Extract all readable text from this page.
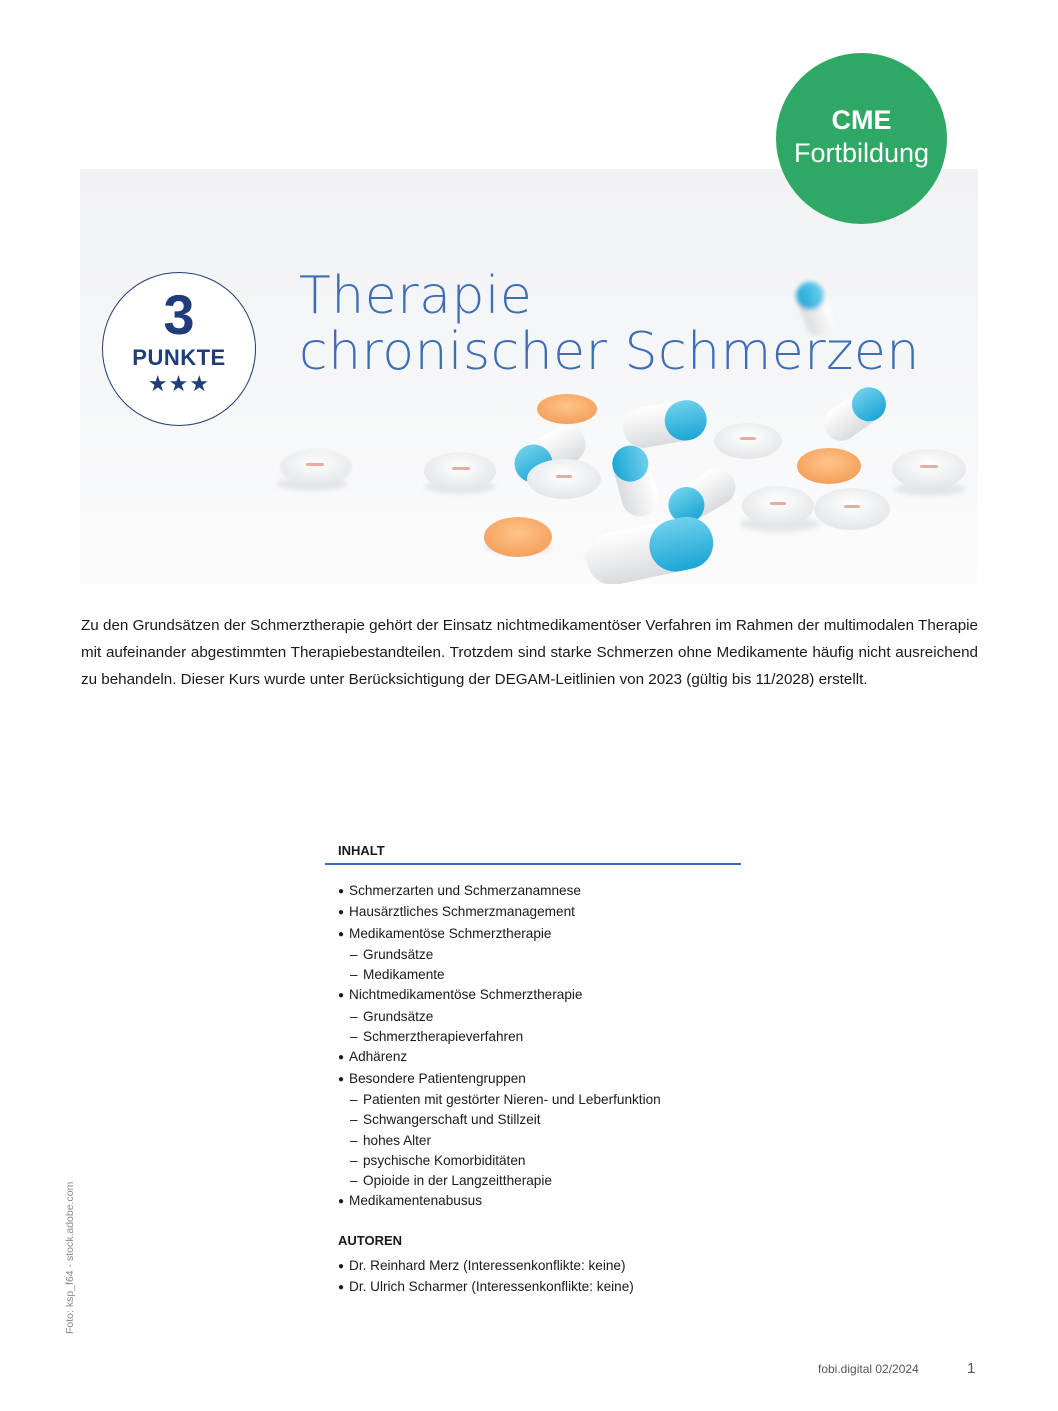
CME
Fortbildung
3
PUNKTE
★★★
Therapie
chronischer Schmerzen

Zu den Grundsätzen der Schmerztherapie gehört der Einsatz nichtmedikamentöser Verfahren im Rahmen der multimodalen Therapie mit aufeinander abgestimmten Therapiebestandteilen. Trotzdem sind starke Schmerzen ohne Medikamente häufig nicht ausreichend zu behandeln. Dieser Kurs wurde unter Berücksichtigung der DEGAM-Leitlinien von 2023 (gültig bis 11/2028) erstellt.

INHALT
● Schmerzarten und Schmerzanamnese
● Hausärztliches Schmerzmanagement
● Medikamentöse Schmerztherapie
– Grundsätze
– Medikamente
● Nichtmedikamentöse Schmerztherapie
– Grundsätze
– Schmerztherapieverfahren
● Adhärenz
● Besondere Patientengruppen
– Patienten mit gestörter Nieren- und Leberfunktion
– Schwangerschaft und Stillzeit
– hohes Alter
– psychische Komorbiditäten
– Opioide in der Langzeittherapie
● Medikamentenabusus
AUTOREN
● Dr. Reinhard Merz (Interessenkonflikte: keine)
● Dr. Ulrich Scharmer (Interessenkonflikte: keine)
Foto: ksp_f64 - stock.adobe.com
fobi.digital 02/2024	1
